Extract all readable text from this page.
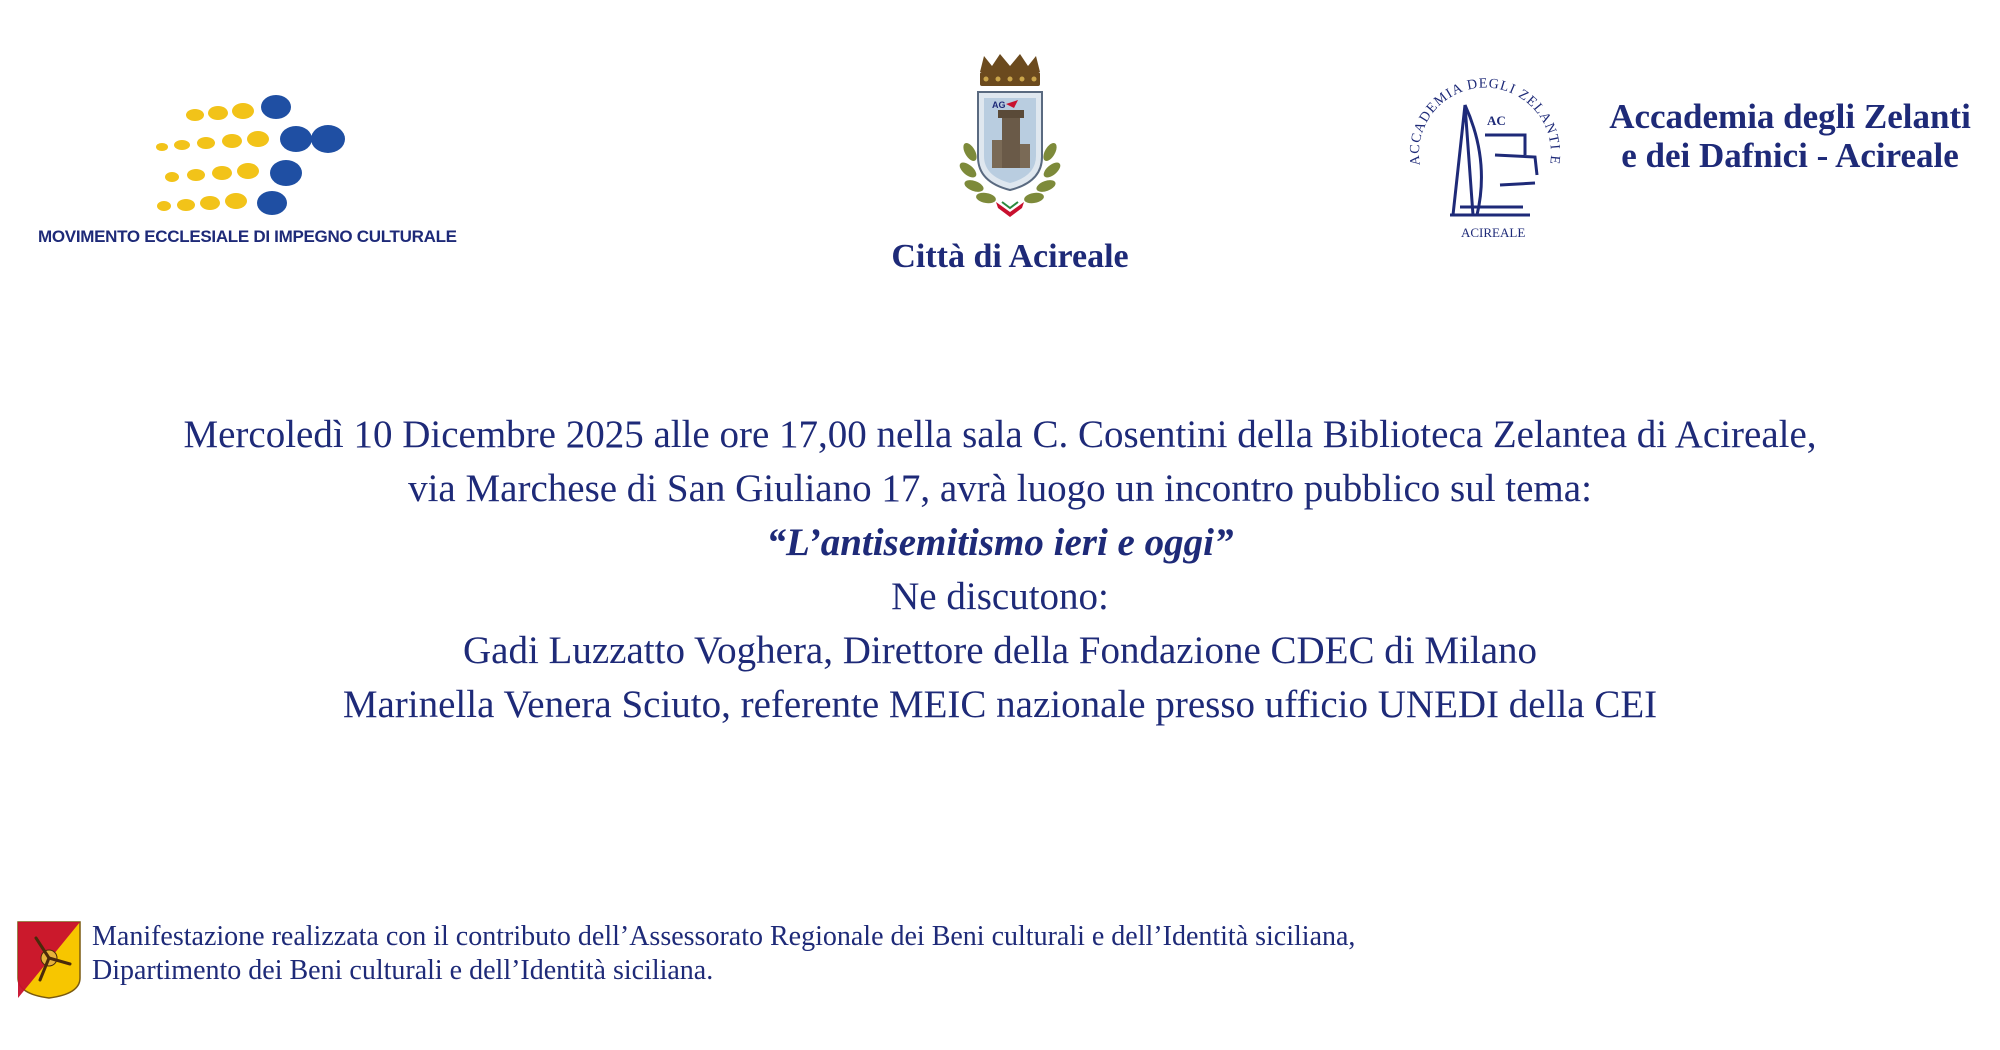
MOVIMENTO ECCLESIALE DI IMPEGNO CULTURALE
AG
Città di Acireale
ACCADEMIA DEGLI ZELANTI E
AC
ACIREALE
Accademia degli Zelanti
e dei Dafnici - Acireale
Mercoledì 10 Dicembre 2025 alle ore 17,00 nella sala C. Cosentini della Biblioteca Zelantea di Acireale,
via Marchese di San Giuliano 17, avrà luogo un incontro pubblico sul tema:
“L’antisemitismo ieri e oggi”
Ne discutono:
Gadi Luzzatto Voghera, Direttore della Fondazione CDEC di Milano
Marinella Venera Sciuto, referente MEIC nazionale presso ufficio UNEDI della CEI
Manifestazione realizzata con il contributo dell’Assessorato Regionale dei Beni culturali e dell’Identità siciliana,
Dipartimento dei Beni culturali e dell’Identità siciliana.
